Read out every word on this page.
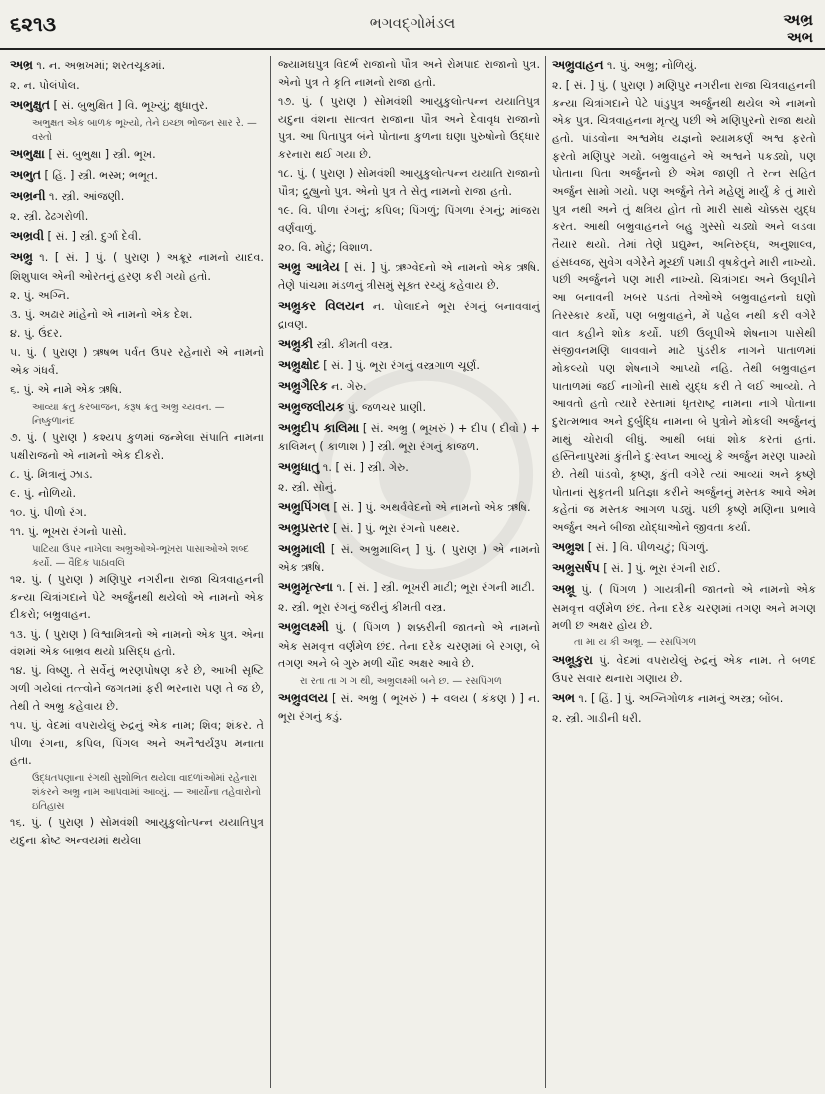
૬૨૧૩	ભગવદ્ગોમંડલ	અભ્ર
અભ
અભ્ર ૧. ન. અભ્રખમાં; શરતચૂકમાં.
૨. ન. પોલંપોલ.
અભુક્ષુત [ સં. બુભુક્ષિત ] વિ. ભૂખ્યું; ક્ષુધાતુર.
અભુક્ષત એક બાળક ભૂખ્યો, તેને ઇચ્છા ભોજન સાર રે. — વસ્તો
અભુક્ષા [ સં. બુભુક્ષા ] સ્ત્રી. ભૂખ.
અભુત [ હિં. ] સ્ત્રી. ભસ્મ; ભભૂત.
અભ્રની ૧. સ્ત્રી. આંજણી.
૨. સ્ત્રી. ઢેઢગરોળી.
અભ્રવી [ સં. ] સ્ત્રી. દુર્ગા દેવી.
અભ્રુ ૧. [ સં. ] પું. ( પુરાણ ) અક્રૂર નામનો યાદવ. શિશુપાલ એની ઓરતનું હરણ કરી ગયો હતો.
૨. પું. અગ્નિ.
૩. પું. અઢાર માંહેનો એ નામનો એક દેશ.
૪. પું. ઉંદર.
૫. પું. ( પુરાણ ) ઋષભ પર્વત ઉપર રહેનારો એ નામનો એક ગંધર્વ.
૬. પું. એ નામે એક ઋષિ.
આવ્યા ક્રતુ કરબાજન, કરૂષ ક્રતુ અભ્રુ ચ્યવન. — નિષ્કુળાનંદ
૭. પું. ( પુરાણ ) કશ્યપ કુળમાં જન્મેલા સંપાતિ નામના પક્ષીરાજનો એ નામનો એક દીકરો.
૮. પું. મિત્રાનું ઝાડ.
૯. પું. નોળિયો.
૧૦. પું. પીળો રંગ.
૧૧. પું. ભૂખરા રંગનો પાસો.
પાટિયા ઉપર નાખેલા અભ્રુઓએ-ભૂખરા પાસાઓએ શબ્દ કર્યો. — વૈદિક પાઠાવલિ
૧૨. પું. ( પુરાણ ) મણિપુર નગરીના રાજા ચિત્રવાહનની કન્યા ચિત્રાંગદાને પેટે અર્જુનથી થયેલો એ નામનો એક દીકરો; બભ્રુવાહન.
૧૩. પું. ( પુરાણ ) વિશ્વામિત્રનો એ નામનો એક પુત્ર. એના વંશમાં એક બાભ્રવ થયો પ્રસિદ્ધ હતો.
૧૪. પું. વિષ્ણુ. તે સર્વેનું ભરણપોષણ કરે છે, આખી સૃષ્ટિ ગળી ગયેલાં તત્ત્વોને જગતમાં ફરી ભરનારા પણ તે જ છે, તેથી તે અભ્રુ કહેવાય છે.
૧૫. પું. વેદમાં વપરાયેલું રુદ્રનું એક નામ; શિવ; શંકર. તે પીળા રંગના, કપિલ, પિંગલ અને અનૈશ્વર્યરૂપ મનાતા હતા.
ઉદ્ધતપણાના રંગથી સુશોભિત થયેલા વાદળાંઓમાં રહેનારા શંકરને અભ્રુ નામ આપવામાં આવ્યું. — આર્યોના તહેવારોનો ઇતિહાસ
૧૬. પું. ( પુરાણ ) સોમવંશી આયુકુલોત્પન્ન યયાતિપુત્ર યદુના ક્રોષ્ટ અન્વયમાં થયેલા
જ્યામઘપુત્ર વિદર્ભ રાજાનો પૌત્ર અને રોમપાદ રાજાનો પુત્ર. એનો પુત્ર તે કૃતિ નામનો રાજા હતો.
૧૭. પું. ( પુરાણ ) સોમવંશી આયુકુલોત્પન્ન યયાતિપુત્ર યદુના વંશના સાત્વત રાજાના પૌત્ર અને દેવાવૃધ રાજાનો પુત્ર. આ પિતાપુત્ર બંને પોતાના કુળના ઘણા પુરુષોનો ઉદ્ધાર કરનારા થઈ ગયા છે.
૧૮. પું. ( પુરાણ ) સોમવંશી આયુકુલોત્પન્ન યયાતિ રાજાનો પૌત્ર; દ્રુહ્યુનો પુત્ર. એનો પુત્ર તે સેતુ નામનો રાજા હતો.
૧૯. વિ. પીળા રંગનું; કપિલ; પિંગળું; પિંગળા રંગનું; માંજરા વર્ણવાળું.
૨૦. વિ. મોટું; વિશાળ.
અભ્રુ આત્રેય [ સં. ] પું. ઋગ્વેદનો એ નામનો એક ઋષિ. તેણે પાંચમા મંડળનું ત્રીસમું સૂક્ત રચ્યું કહેવાય છે.
અભ્રુકર વિલયન ન. પોલાદને ભૂરા રંગનું બનાવવાનું દ્રાવણ.
અભ્રુકી સ્ત્રી. કીમતી વસ્ત્ર.
અભ્રુક્ષોદ [ સં. ] પું. ભૂરા રંગનું વસ્ત્રગાળ ચૂર્ણ.
અભ્રુગૈરિક ન. ગેરુ.
અભ્રુજલીયક પું. જળચર પ્રાણી.
અભ્રુદીપ કાલિમા [ સં. અભ્રુ ( ભૂખરું ) + દીપ ( દીવો ) + કાલિમન્ ( કાળાશ ) ] સ્ત્રી. ભૂરા રંગનું કાજળ.
અભ્રુધાતુ ૧. [ સં. ] સ્ત્રી. ગેરુ.
૨. સ્ત્રી. સોનું.
અભ્રુપિંગલ [ સં. ] પું. અથર્વવેદનો એ નામનો એક ઋષિ.
અભ્રુપ્રસ્તર [ સં. ] પું. ભૂરા રંગનો પથ્થર.
અભ્રુમાલી [ સં. અભ્રુમાલિન્ ] પું. ( પુરાણ ) એ નામનો એક ઋષિ.
અભ્રુમૃત્સ્ના ૧. [ સં. ] સ્ત્રી. ભૂખરી માટી; ભૂરા રંગની માટી.
૨. સ્ત્રી. ભૂરા રંગનું જરીનું કીમતી વસ્ત્ર.
અભ્રુલક્ષ્મી પું. ( પિંગળ ) શક્કરીની જાતનો એ નામનો એક સમવૃત્ત વર્ણમેળ છંદ. તેના દરેક ચરણમાં બે રગણ, બે તગણ અને બે ગુરુ મળી ચૌદ અક્ષર આવે છે.
રા રતા તા ગ ગ થી, અભ્રુલક્ષ્મી બને છ. — રસપિંગળ
અભ્રુવલય [ સં. અભ્રુ ( ભૂખરું ) + વલય ( કંકણ ) ] ન. ભૂરા રંગનું કડું.
અભ્રુવાહન ૧. પું. અભ્રુ; નોળિયું.
૨. [ સં. ] પું. ( પુરાણ ) મણિપુર નગરીના રાજા ચિત્રવાહનની કન્યા ચિત્રાંગદાને પેટે પાંડુપુત્ર અર્જુનથી થયેલ એ નામનો એક પુત્ર. ચિત્રવાહનના મૃત્યુ પછી એ મણિપુરનો રાજા થયો હતો. પાંડવોના અશ્વમેધ યજ્ઞનો શ્યામકર્ણ અશ્વ ફરતો ફરતો મણિપુર ગયો. બભ્રુવાહને એ અશ્વને પકડ્યો, પણ પોતાના પિતા અર્જુનનો છે એમ જાણી તે રત્ન સહિત અર્જુન સામો ગયો. પણ અર્જુને તેને મહેણું માર્યું કે તું મારો પુત્ર નથી અને તું ક્ષત્રિય હોત તો મારી સાથે ચોક્કસ યુદ્ધ કરત. આથી બભ્રુવાહનને બહુ ગુસ્સો ચડ્યો અને લડવા તૈયાર થયો. તેમાં તેણે પ્રદ્યુમ્ન, અનિરુદ્ધ, અનુશાલ્વ, હંસધ્વજ, સુવેગ વગેરેને મૂર્ચ્છા પમાડી વૃષકેતુને મારી નાખ્યો. પછી અર્જુનને પણ મારી નાખ્યો. ચિત્રાંગદા અને ઉલૂપીને આ બનાવની ખબર પડતાં તેઓએ બભ્રુવાહનનો ઘણો તિરસ્કાર કર્યો, પણ બભ્રુવાહને, મેં પહેલ નથી કરી વગેરે વાત કહીને શોક કર્યો. પછી ઉલૂપીએ શેષનાગ પાસેથી સંજીવનમણિ લાવવાને માટે પુંડરીક નાગને પાતાળમાં મોકલ્યો પણ શેષનાગે આપ્યો નહિ. તેથી બભ્રુવાહન પાતાળમાં જઈ નાગોની સાથે યુદ્ધ કરી તે લઈ આવ્યો. તે આવતો હતો ત્યારે રસ્તામાં ધૃતરાષ્ટ્ર નામના નાગે પોતાના દુરાત્મભાવ અને દુર્બુદ્ધિ નામના બે પુત્રોને મોકલી અર્જુનનું માથું ચોરાવી લીધું. આથી બધાં શોક કરતાં હતાં. હસ્તિનાપુરમાં કુંતીને દુઃસ્વપ્ન આવ્યું કે અર્જુન મરણ પામ્યો છે. તેથી પાંડવો, કૃષ્ણ, કુંતી વગેરે ત્યાં આવ્યાં અને કૃષ્ણે પોતાનાં સુકૃતની પ્રતિજ્ઞા કરીને અર્જુનનું મસ્તક આવે એમ કહેતાં જ મસ્તક આગળ પડ્યું. પછી કૃષ્ણે મણિના પ્રભાવે અર્જુન અને બીજા યોદ્ધાઓને જીવતા કર્યા.
અભ્રુશ [ સં. ] વિ. પીળચટું; પિંગળું.
અભ્રુસર્ષપ [ સં. ] પું. ભૂરા રંગની રાઈ.
અભ્રૂ પું. ( પિંગળ ) ગાયત્રીની જાતનો એ નામનો એક સમવૃત્ત વર્ણમેળ છંદ. તેના દરેક ચરણમાં તગણ અને મગણ મળી છ અક્ષર હોય છે.
તા મા ય કી અભ્રૂ. — રસપિંગળ
અભ્રૂકુરા પું. વેદમાં વપરાયેલું રુદ્રનું એક નામ. તે બળદ ઉપર સવાર થનારા ગણાય છે.
અભ ૧. [ હિં. ] પું. અગ્નિગોળક નામનું અસ્ત્ર; બોંબ.
૨. સ્ત્રી. ગાડીની ધરી.
